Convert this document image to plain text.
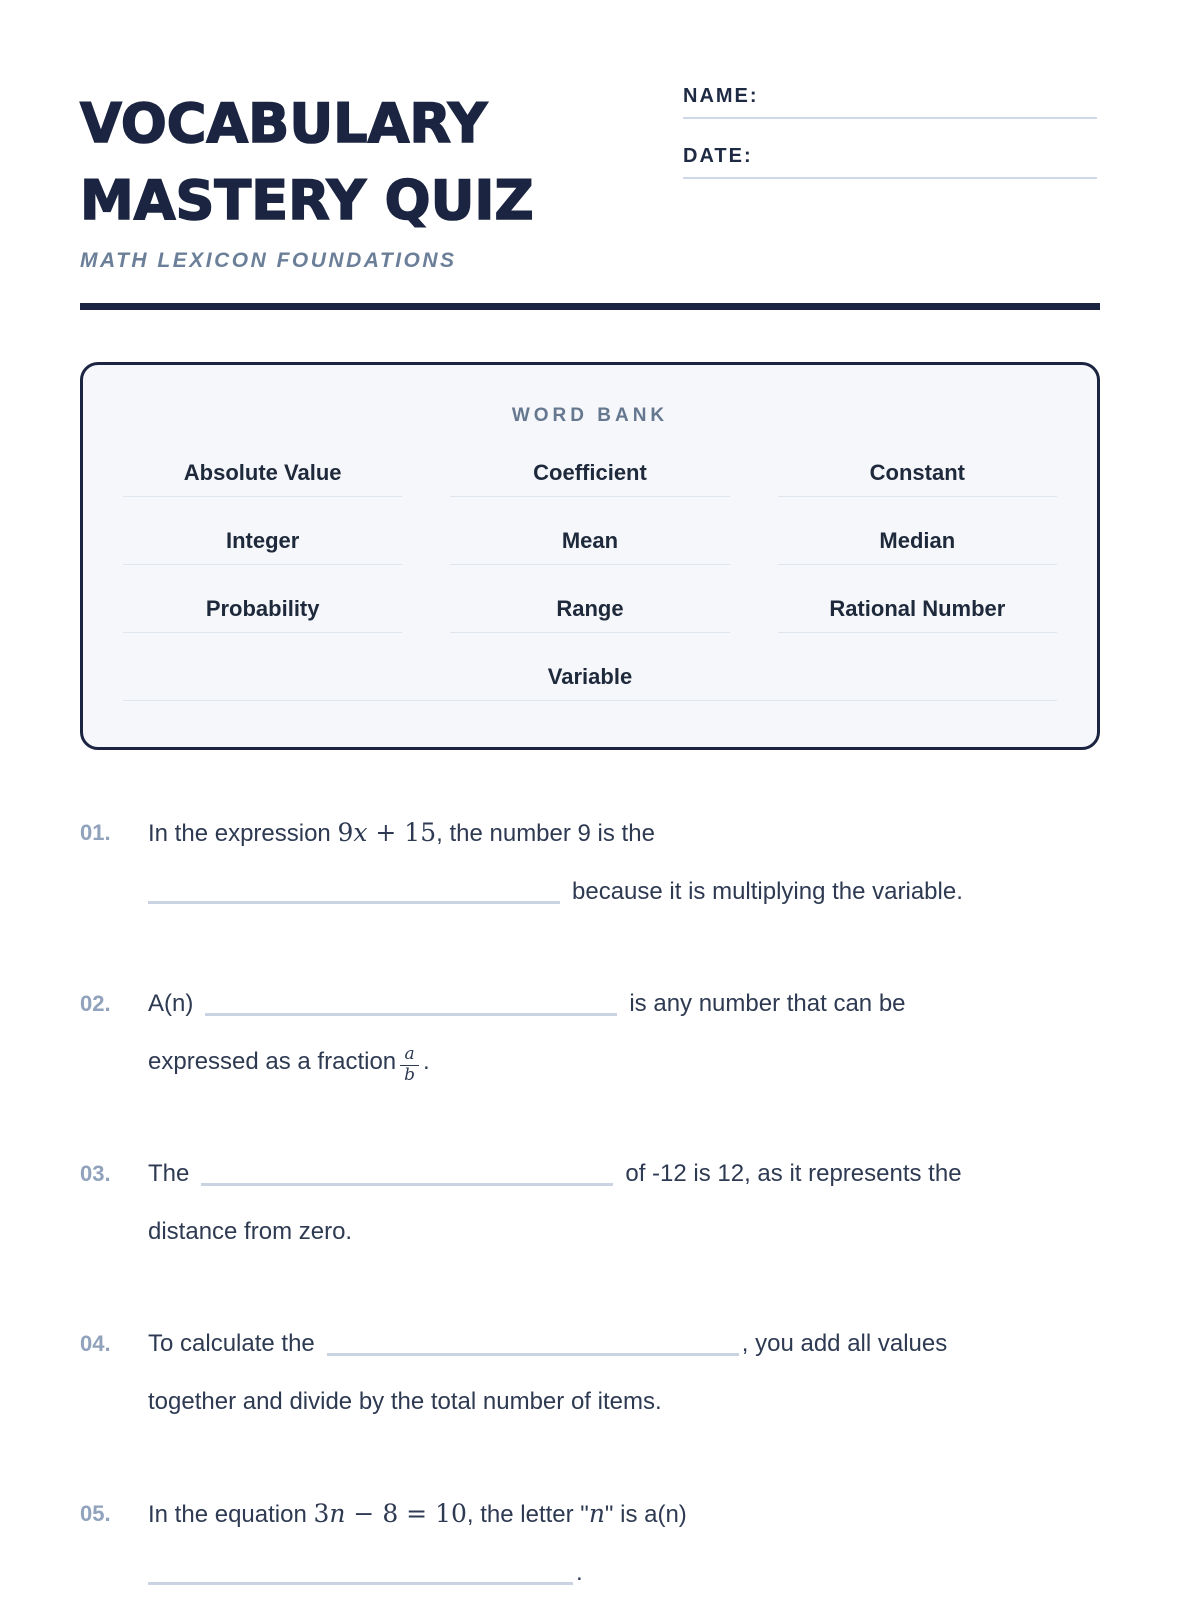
VOCABULARY
MASTERY QUIZ
MATH LEXICON FOUNDATIONS
NAME:
DATE:
WORD BANK
Absolute Value	Coefficient	Constant
Integer	Mean	Median
Probability	Range	Rational Number
Variable
01.	In the expression 9x + 15, the number 9 is the
because it is multiplying the variable.
02.	A(n)	is any number that can be
expressed as a fraction $\frac{a}{b}$ .
03.	The	of -12 is 12, as it represents the
distance from zero.
04.	To calculate the	, you add all values
together and divide by the total number of items.
05.	In the equation 3n − 8 = 10, the letter "n" is a(n)
.
